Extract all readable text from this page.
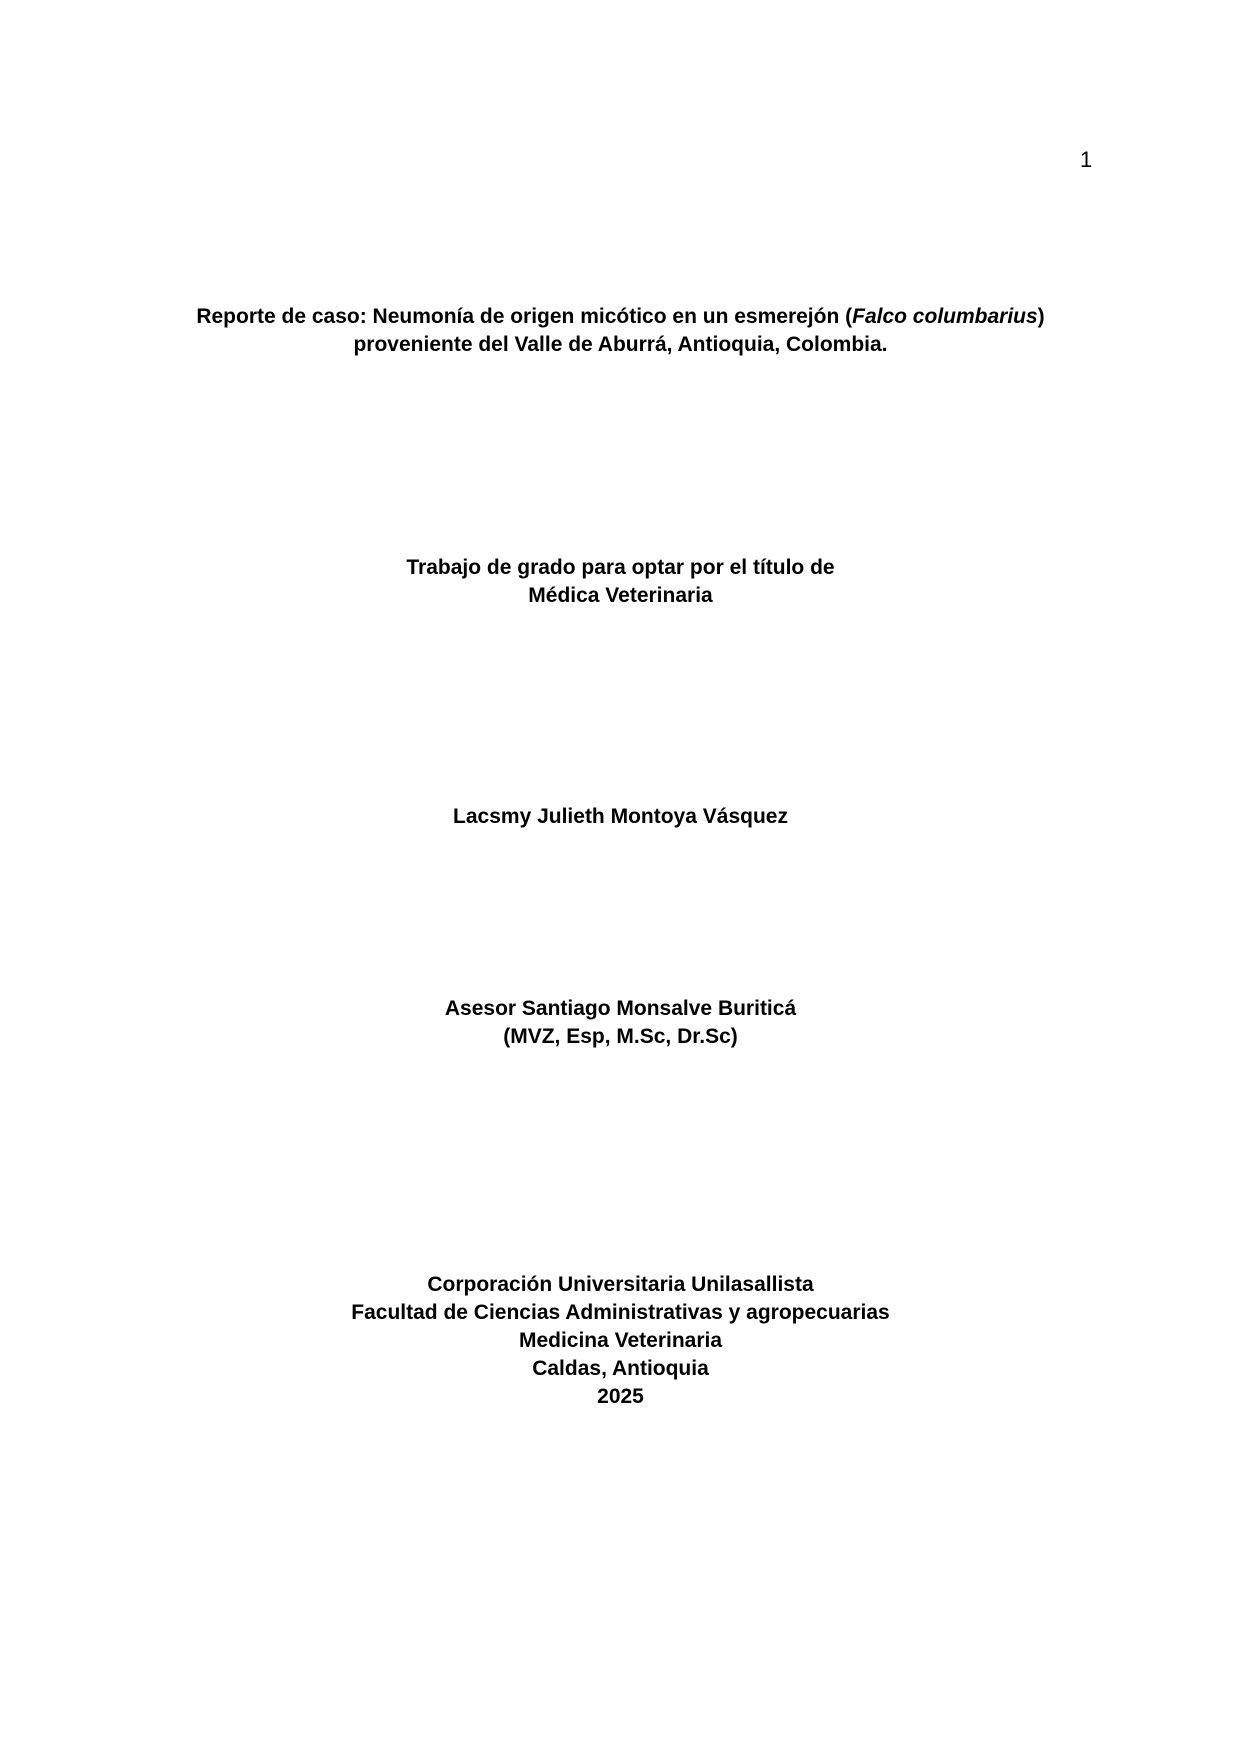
1
Reporte de caso: Neumonía de origen micótico en un esmerejón (Falco columbarius)
proveniente del Valle de Aburrá, Antioquia, Colombia.
Trabajo de grado para optar por el título de
Médica Veterinaria
Lacsmy Julieth Montoya Vásquez
Asesor Santiago Monsalve Buriticá
(MVZ, Esp, M.Sc, Dr.Sc)
Corporación Universitaria Unilasallista
Facultad de Ciencias Administrativas y agropecuarias
Medicina Veterinaria
Caldas, Antioquia
2025
